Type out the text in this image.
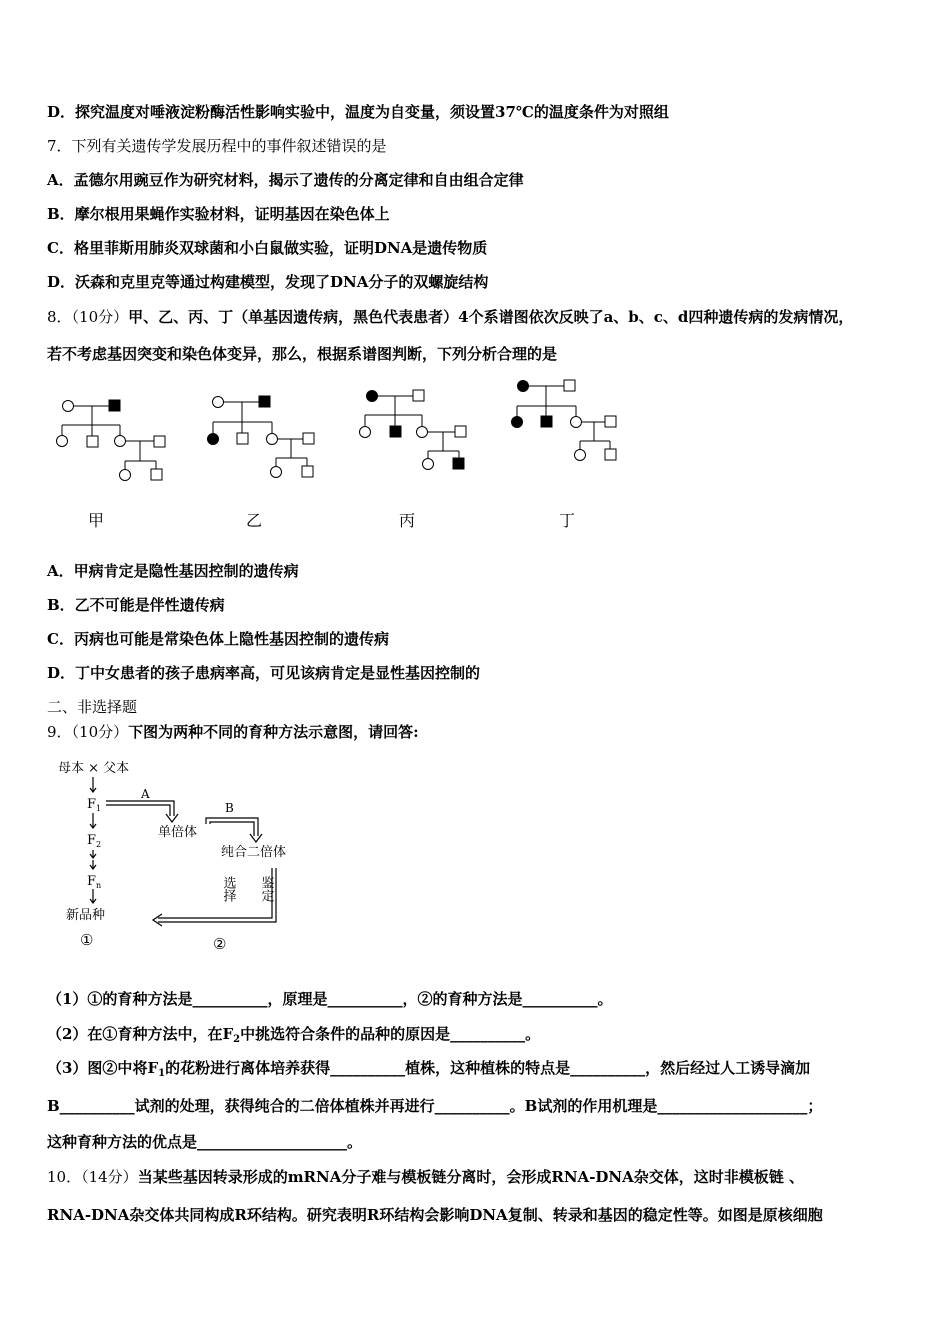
D．探究温度对唾液淀粉酶活性影响实验中，温度为自变量，须设置37℃的温度条件为对照组
7．下列有关遗传学发展历程中的事件叙述错误的是
A．孟德尔用豌豆作为研究材料，揭示了遗传的分离定律和自由组合定律
B．摩尔根用果蝇作实验材料，证明基因在染色体上
C．格里菲斯用肺炎双球菌和小白鼠做实验，证明DNA是遗传物质
D．沃森和克里克等通过构建模型，发现了DNA分子的双螺旋结构
8．（10分）甲、乙、丙、丁（单基因遗传病，黑色代表患者）4个系谱图依次反映了a、b、c、d四种遗传病的发病情况，
若不考虑基因突变和染色体变异，那么，根据系谱图判断，下列分析合理的是
甲	乙	丙	丁
A．甲病肯定是隐性基因控制的遗传病
B．乙不可能是伴性遗传病
C．丙病也可能是常染色体上隐性基因控制的遗传病
D．丁中女患者的孩子患病率高，可见该病肯定是显性基因控制的
二、非选择题
9．（10分）下图为两种不同的育种方法示意图，请回答:
母本 × 父本
$F_1$
$F_2$
$F_n$
新品种
①	②
A
B
单倍体
纯合二倍体
选择 鉴定
（1）①的育种方法是__________，原理是__________，②的育种方法是__________。
（2）在①育种方法中，在$F_2$中挑选符合条件的品种的原因是__________。
（3）图②中将$F_1$的花粉进行离体培养获得__________植株，这种植株的特点是__________，然后经过人工诱导滴加
B__________试剂的处理，获得纯合的二倍体植株并再进行__________。B试剂的作用机理是____________________；
这种育种方法的优点是____________________。
10．（14分）当某些基因转录形成的mRNA分子难与模板链分离时，会形成RNA-DNA杂交体，这时非模板链 、
RNA-DNA杂交体共同构成R环结构。研究表明R环结构会影响DNA复制、转录和基因的稳定性等。如图是原核细胞
